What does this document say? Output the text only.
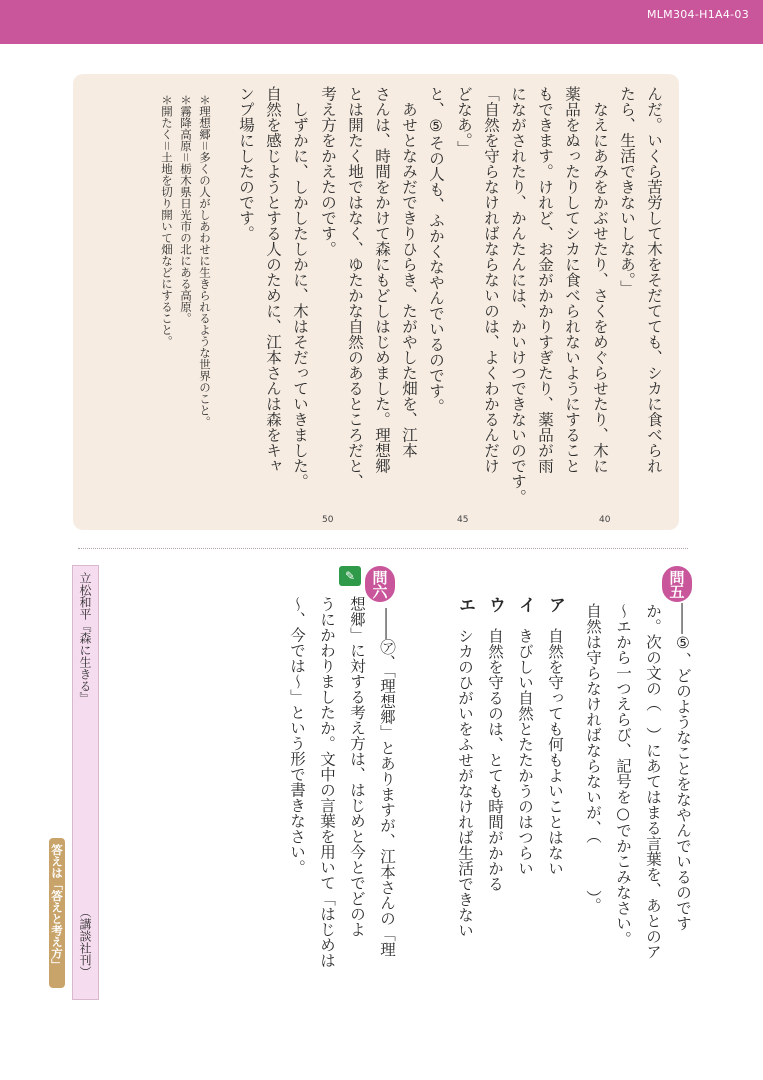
MLM304-H1A4-03
んだ。いくら苦労して木をそだてても、シカに食べられ
たら、生活できないしなあ。」
　なえにあみをかぶせたり、さくをめぐらせたり、木に
薬品をぬったりしてシカに食べられないようにすること
もできます。けれど、お金がかかりすぎたり、薬品が雨
にながされたり、かんたんには、かいけつできないのです。
「自然を守らなければならないのは、よくわかるんだけ
どなあ。」
と、⑤その人も、ふかくなやんでいるのです。
　あせとなみだできりひらき、たがやした畑を、江本
さんは、時間をかけて森にもどしはじめました。理想郷
とは開たく地ではなく、ゆたかな自然のあるところだと、
考え方をかえたのです。
　しずかに、しかしたしかに、木はそだっていきました。
自然を感じようとする人のために、江本さんは森をキャ
ンプ場にしたのです。
40
45
50
＊理想郷＝多くの人がしあわせに生きられるような世界のこと。
＊霧降高原＝栃木県日光市の北にある高原。
＊開たく＝土地を切り開いて畑などにすること。
問五
――⑤、どのようなことをなやんでいるのです
か。次の文の（　）にあてはまる言葉を、あとのア
～エから一つえらび、記号を○でかこみなさい。
自然は守らなければならないが、（　　　）。
ア
自然を守っても何もよいことはない
イ
きびしい自然とたたかうのはつらい
ウ
自然を守るのは、とても時間がかかる
エ
シカのひがいをふせがなければ生活できない
問六
✎
――㋐、「理想郷」とありますが、江本さんの「理
想郷」に対する考え方は、はじめと今とでどのよ
うにかわりましたか。文中の言葉を用いて「はじめは
～、今では～」という形で書きなさい。
立松和平『森に生きる』
（講談社刊）
答えは「答えと考え方」
